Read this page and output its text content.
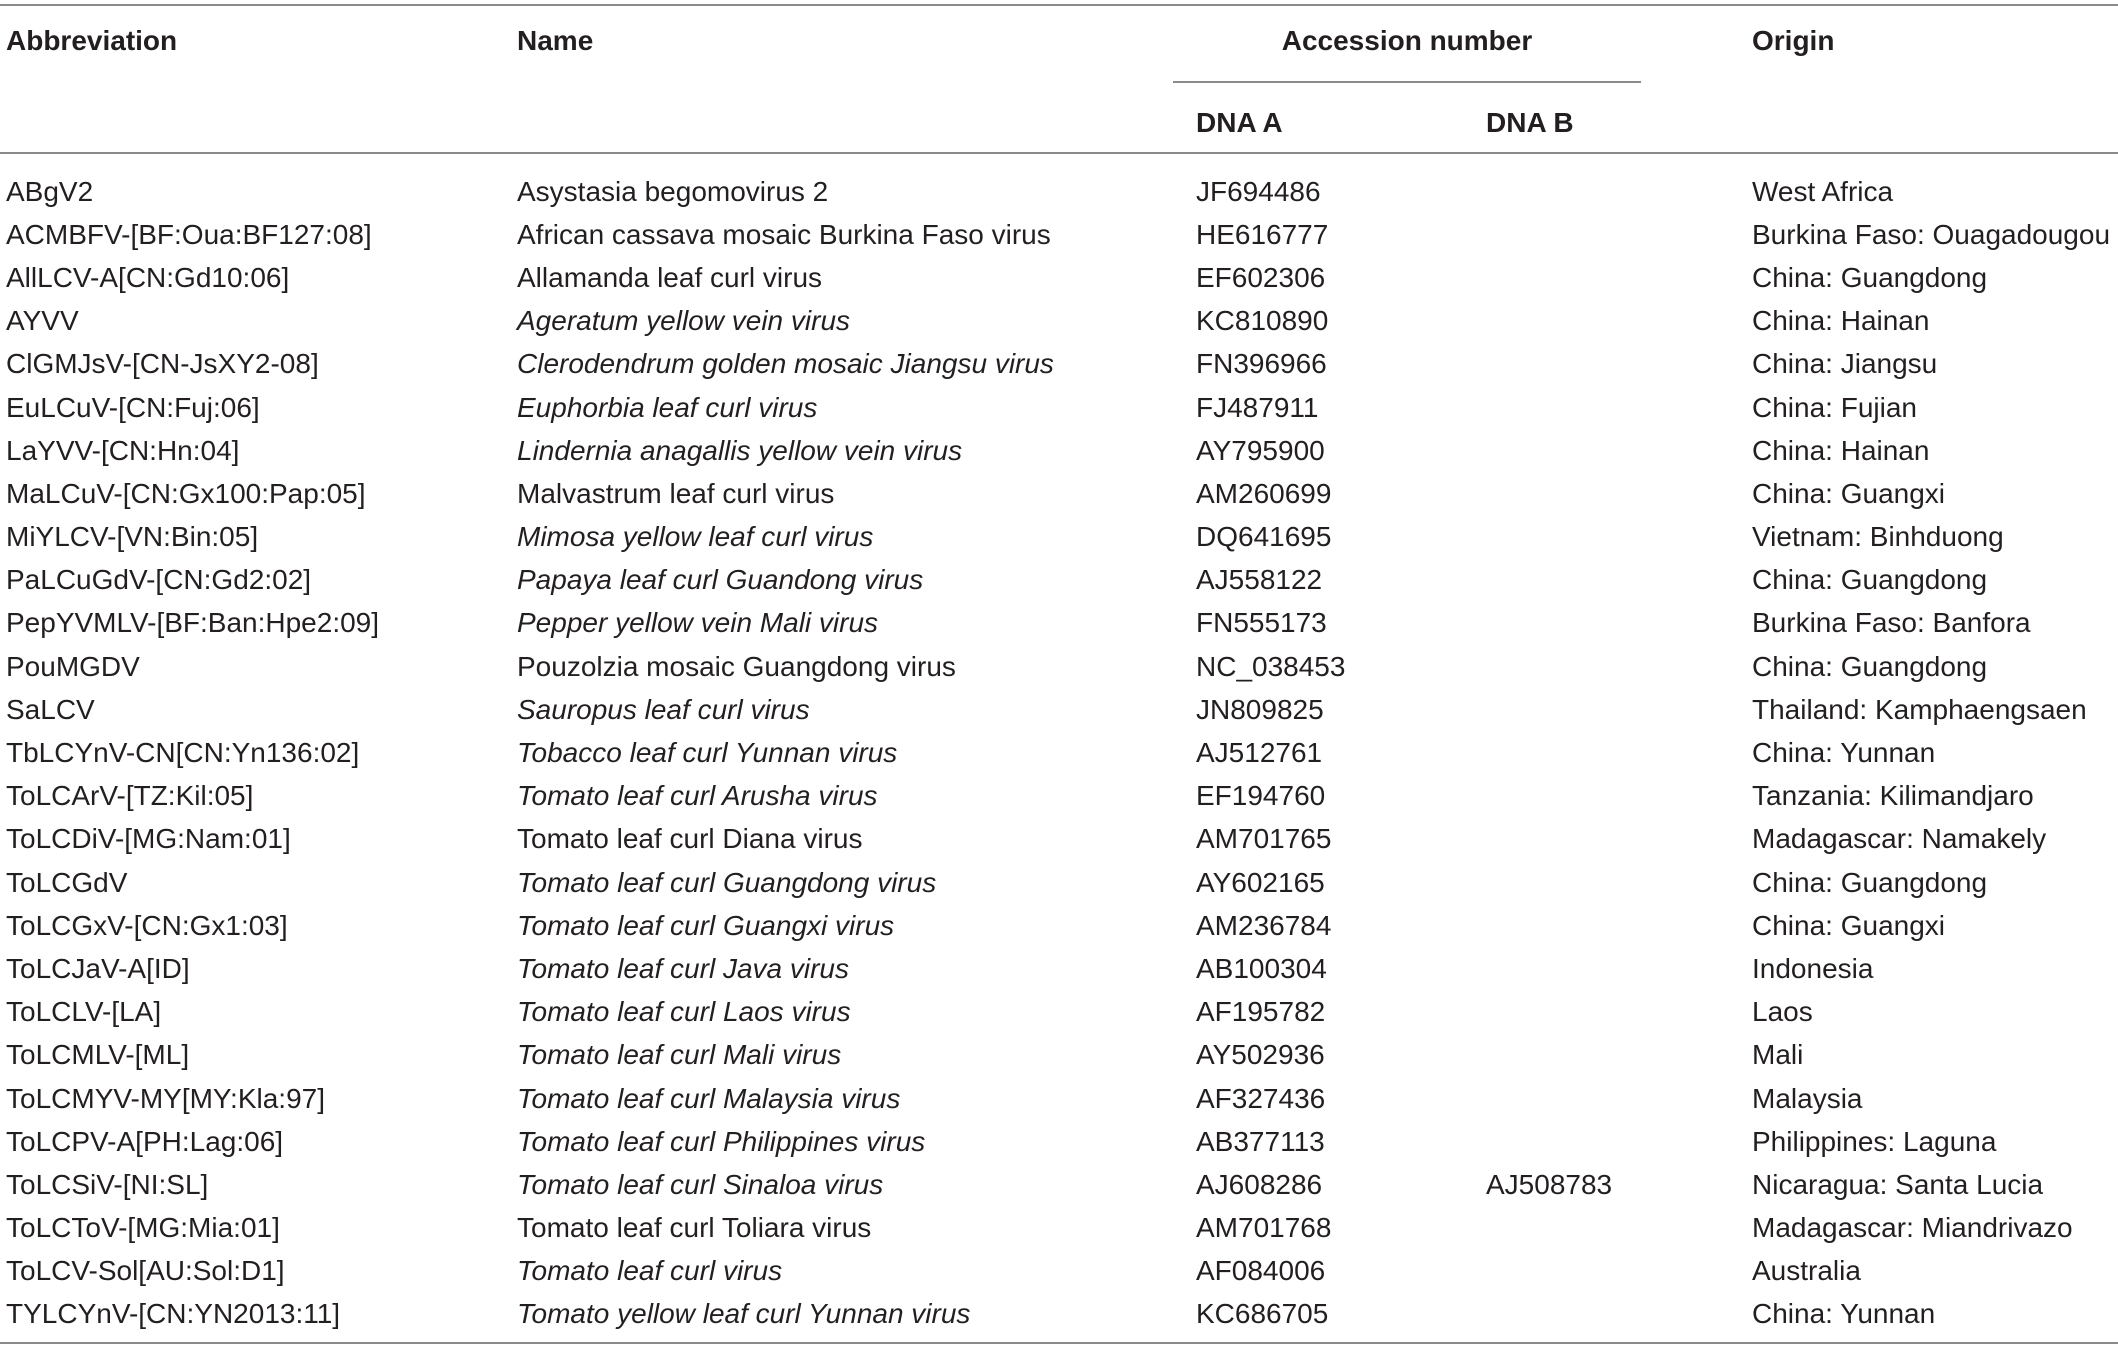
Abbreviation	Name	Accession number	Origin
DNA A	DNA B
ABgV2	Asystasia begomovirus 2	JF694486		West Africa
ACMBFV-[BF:Oua:BF127:08]	African cassava mosaic Burkina Faso virus	HE616777		Burkina Faso: Ouagadougou
AllLCV-A[CN:Gd10:06]	Allamanda leaf curl virus	EF602306		China: Guangdong
AYVV	Ageratum yellow vein virus	KC810890		China: Hainan
ClGMJsV-[CN-JsXY2-08]	Clerodendrum golden mosaic Jiangsu virus	FN396966		China: Jiangsu
EuLCuV-[CN:Fuj:06]	Euphorbia leaf curl virus	FJ487911		China: Fujian
LaYVV-[CN:Hn:04]	Lindernia anagallis yellow vein virus	AY795900		China: Hainan
MaLCuV-[CN:Gx100:Pap:05]	Malvastrum leaf curl virus	AM260699		China: Guangxi
MiYLCV-[VN:Bin:05]	Mimosa yellow leaf curl virus	DQ641695		Vietnam: Binhduong
PaLCuGdV-[CN:Gd2:02]	Papaya leaf curl Guandong virus	AJ558122		China: Guangdong
PepYVMLV-[BF:Ban:Hpe2:09]	Pepper yellow vein Mali virus	FN555173		Burkina Faso: Banfora
PouMGDV	Pouzolzia mosaic Guangdong virus	NC_038453		China: Guangdong
SaLCV	Sauropus leaf curl virus	JN809825		Thailand: Kamphaengsaen
TbLCYnV-CN[CN:Yn136:02]	Tobacco leaf curl Yunnan virus	AJ512761		China: Yunnan
ToLCArV-[TZ:Kil:05]	Tomato leaf curl Arusha virus	EF194760		Tanzania: Kilimandjaro
ToLCDiV-[MG:Nam:01]	Tomato leaf curl Diana virus	AM701765		Madagascar: Namakely
ToLCGdV	Tomato leaf curl Guangdong virus	AY602165		China: Guangdong
ToLCGxV-[CN:Gx1:03]	Tomato leaf curl Guangxi virus	AM236784		China: Guangxi
ToLCJaV-A[ID]	Tomato leaf curl Java virus	AB100304		Indonesia
ToLCLV-[LA]	Tomato leaf curl Laos virus	AF195782		Laos
ToLCMLV-[ML]	Tomato leaf curl Mali virus	AY502936		Mali
ToLCMYV-MY[MY:Kla:97]	Tomato leaf curl Malaysia virus	AF327436		Malaysia
ToLCPV-A[PH:Lag:06]	Tomato leaf curl Philippines virus	AB377113		Philippines: Laguna
ToLCSiV-[NI:SL]	Tomato leaf curl Sinaloa virus	AJ608286	AJ508783	Nicaragua: Santa Lucia
ToLCToV-[MG:Mia:01]	Tomato leaf curl Toliara virus	AM701768		Madagascar: Miandrivazo
ToLCV-Sol[AU:Sol:D1]	Tomato leaf curl virus	AF084006		Australia
TYLCYnV-[CN:YN2013:11]	Tomato yellow leaf curl Yunnan virus	KC686705		China: Yunnan
